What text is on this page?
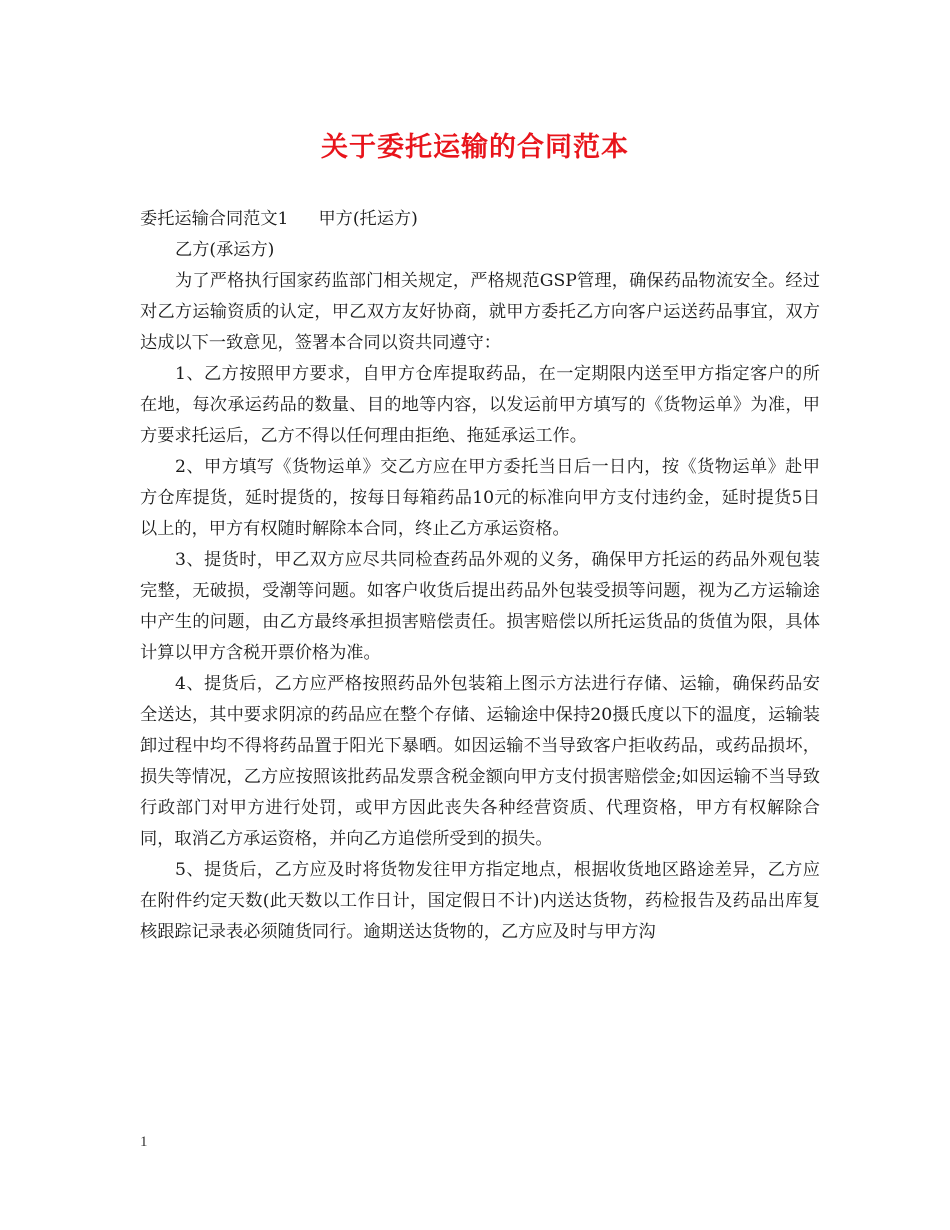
关于委托运输的合同范本

委托运输合同范文1 甲方(托运方)

乙方(承运方)

为了严格执行国家药监部门相关规定，严格规范GSP管理，确保药品物流安全。经过对乙方运输资质的认定，甲乙双方友好协商，就甲方委托乙方向客户运送药品事宜，双方达成以下一致意见，签署本合同以资共同遵守：

1、乙方按照甲方要求，自甲方仓库提取药品，在一定期限内送至甲方指定客户的所在地，每次承运药品的数量、目的地等内容，以发运前甲方填写的《货物运单》为准，甲方要求托运后，乙方不得以任何理由拒绝、拖延承运工作。

2、甲方填写《货物运单》交乙方应在甲方委托当日后一日内，按《货物运单》赴甲方仓库提货，延时提货的，按每日每箱药品10元的标准向甲方支付违约金，延时提货5日以上的，甲方有权随时解除本合同，终止乙方承运资格。

3、提货时，甲乙双方应尽共同检查药品外观的义务，确保甲方托运的药品外观包装完整，无破损，受潮等问题。如客户收货后提出药品外包装受损等问题，视为乙方运输途中产生的问题，由乙方最终承担损害赔偿责任。损害赔偿以所托运货品的货值为限，具体计算以甲方含税开票价格为准。

4、提货后，乙方应严格按照药品外包装箱上图示方法进行存储、运输，确保药品安全送达，其中要求阴凉的药品应在整个存储、运输途中保持20摄氏度以下的温度，运输装卸过程中均不得将药品置于阳光下暴晒。如因运输不当导致客户拒收药品，或药品损坏，损失等情况，乙方应按照该批药品发票含税金额向甲方支付损害赔偿金;如因运输不当导致行政部门对甲方进行处罚，或甲方因此丧失各种经营资质、代理资格，甲方有权解除合同，取消乙方承运资格，并向乙方追偿所受到的损失。

5、提货后，乙方应及时将货物发往甲方指定地点，根据收货地区路途差异，乙方应在附件约定天数(此天数以工作日计，国定假日不计)内送达货物，药检报告及药品出库复核跟踪记录表必须随货同行。逾期送达货物的，乙方应及时与甲方沟

1
